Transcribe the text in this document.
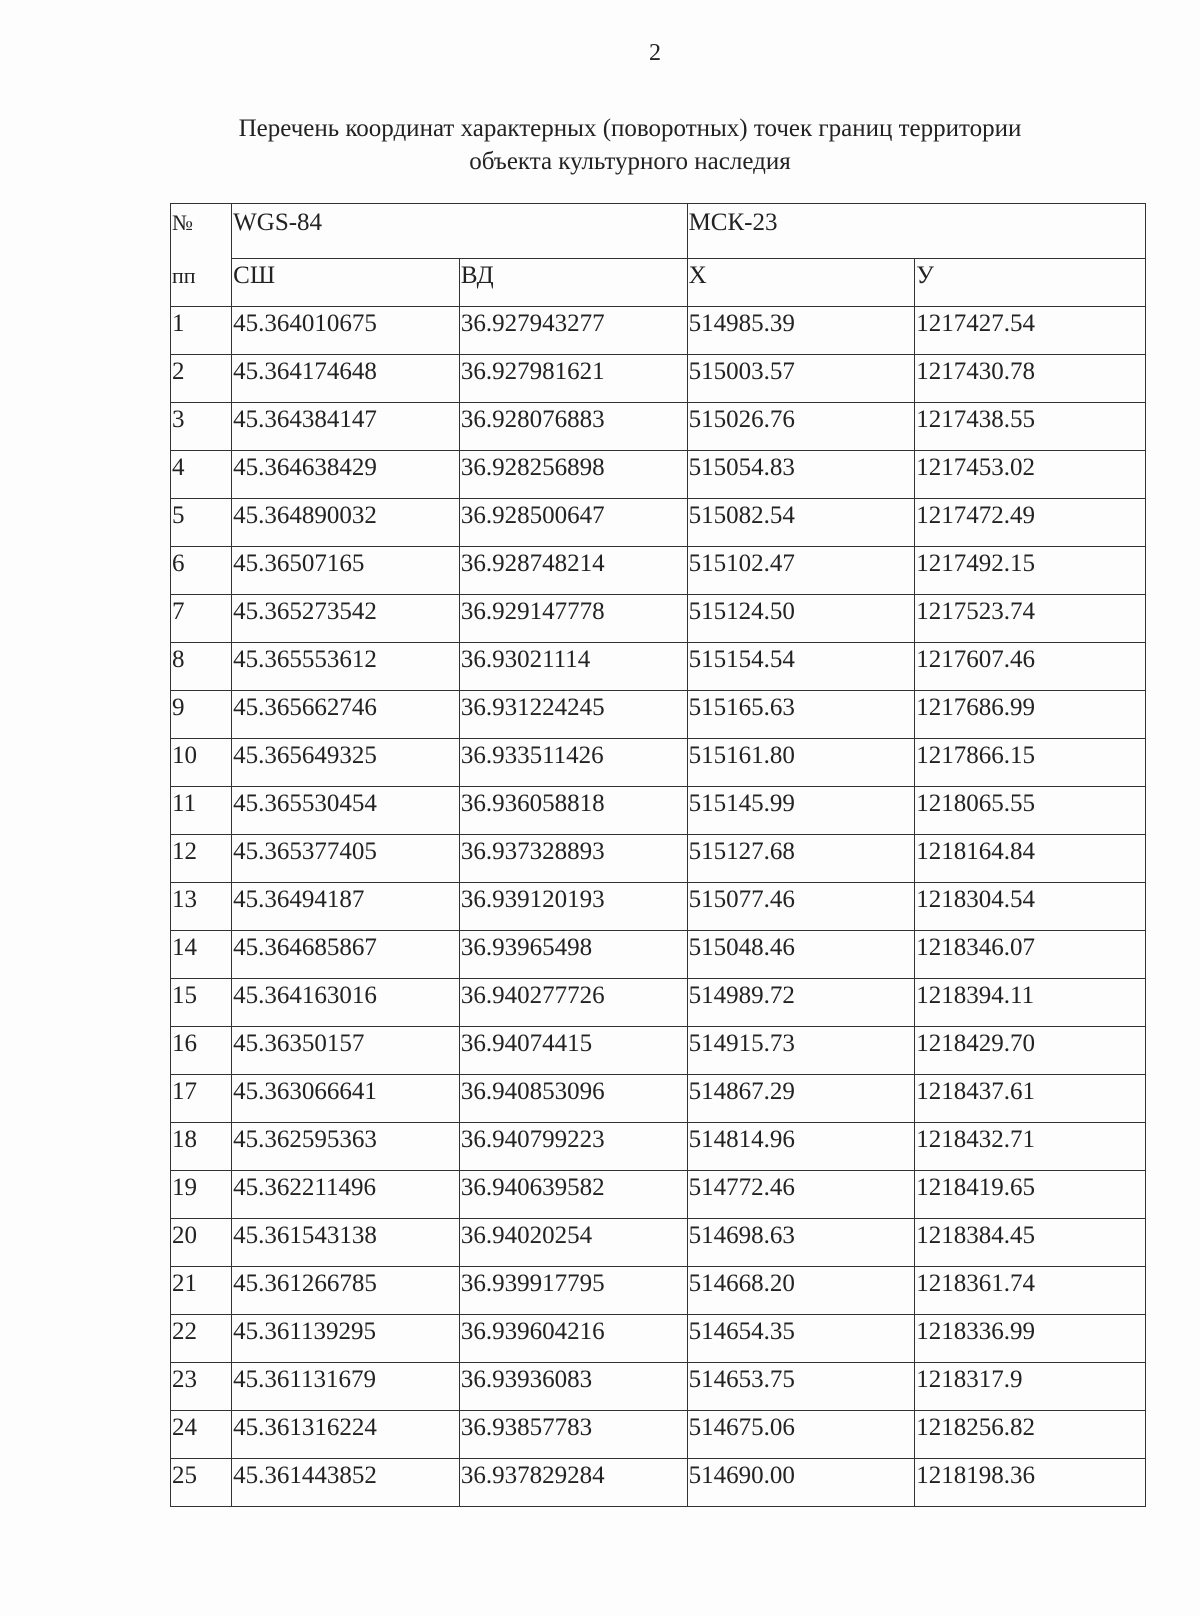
2
Перечень координат характерных (поворотных) точек границ территории
объекта культурного наследия
№	WGS-84		МСК-23	
пп	СШ	ВД	Х	У
1	45.364010675	36.927943277	514985.39	1217427.54
2	45.364174648	36.927981621	515003.57	1217430.78
3	45.364384147	36.928076883	515026.76	1217438.55
4	45.364638429	36.928256898	515054.83	1217453.02
5	45.364890032	36.928500647	515082.54	1217472.49
6	45.36507165	36.928748214	515102.47	1217492.15
7	45.365273542	36.929147778	515124.50	1217523.74
8	45.365553612	36.93021114	515154.54	1217607.46
9	45.365662746	36.931224245	515165.63	1217686.99
10	45.365649325	36.933511426	515161.80	1217866.15
11	45.365530454	36.936058818	515145.99	1218065.55
12	45.365377405	36.937328893	515127.68	1218164.84
13	45.36494187	36.939120193	515077.46	1218304.54
14	45.364685867	36.93965498	515048.46	1218346.07
15	45.364163016	36.940277726	514989.72	1218394.11
16	45.36350157	36.94074415	514915.73	1218429.70
17	45.363066641	36.940853096	514867.29	1218437.61
18	45.362595363	36.940799223	514814.96	1218432.71
19	45.362211496	36.940639582	514772.46	1218419.65
20	45.361543138	36.94020254	514698.63	1218384.45
21	45.361266785	36.939917795	514668.20	1218361.74
22	45.361139295	36.939604216	514654.35	1218336.99
23	45.361131679	36.93936083	514653.75	1218317.9
24	45.361316224	36.93857783	514675.06	1218256.82
25	45.361443852	36.937829284	514690.00	1218198.36
